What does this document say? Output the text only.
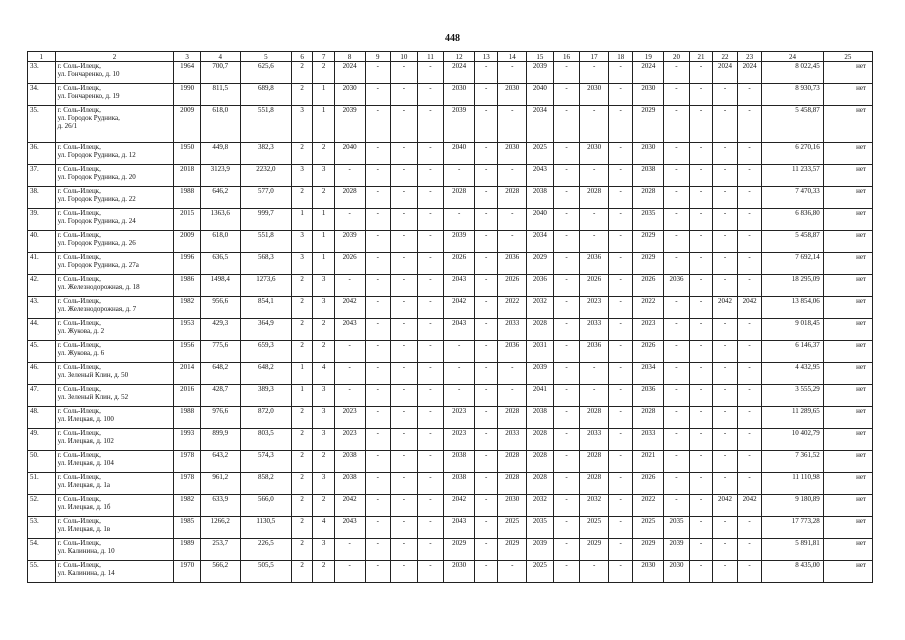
448
1	2	3	4	5	6	7	8	9	10	11	12	13	14	15	16	17	18	19	20	21	22	23	24	25
33.	г. Соль-Илецк,
ул. Гончаренко, д. 10	1964	700,7	625,6	2	2	2024	-	-	-	2024	-	-	2039	-	-	-	2024	-	-	2024	2024	8 022,45	нет
34.	г. Соль-Илецк,
ул. Гончаренко, д. 19	1990	811,5	689,8	2	1	2030	-	-	-	2030	-	2030	2040	-	2030	-	2030	-	-	-	-	8 930,73	нет
35.	г. Соль-Илецк,
ул. Городок Рудника,
д. 26/1	2009	618,0	551,8	3	1	2039	-	-	-	2039	-	-	2034	-	-	-	2029	-	-	-	-	5 458,87	нет
36.	г. Соль-Илецк,
ул. Городок Рудника, д. 12	1950	449,8	382,3	2	2	2040	-	-	-	2040	-	2030	2025	-	2030	-	2030	-	-	-	-	6 270,16	нет
37.	г. Соль-Илецк,
ул. Городок Рудника, д. 20	2018	3123,9	2232,0	3	3	-	-	-	-	-	-	-	2043	-	-	-	2038	-	-	-	-	11 233,57	нет
38.	г. Соль-Илецк,
ул. Городок Рудника, д. 22	1988	646,2	577,0	2	2	2028	-	-	-	2028	-	2028	2038	-	2028	-	2028	-	-	-	-	7 470,33	нет
39.	г. Соль-Илецк,
ул. Городок Рудника, д. 24	2015	1363,6	999,7	1	1	-	-	-	-	-	-	-	2040	-	-	-	2035	-	-	-	-	6 836,80	нет
40.	г. Соль-Илецк,
ул. Городок Рудника, д. 26	2009	618,0	551,8	3	1	2039	-	-	-	2039	-	-	2034	-	-	-	2029	-	-	-	-	5 458,87	нет
41.	г. Соль-Илецк,
ул. Городок Рудника, д. 27а	1996	636,5	568,3	3	1	2026	-	-	-	2026	-	2036	2029	-	2036	-	2029	-	-	-	-	7 692,14	нет
42.	г. Соль-Илецк,
ул. Железнодорожная, д. 18	1986	1498,4	1273,6	2	3	-	-	-	-	2043	-	2026	2036	-	2026	-	2026	2036	-	-	-	18 295,09	нет
43.	г. Соль-Илецк,
ул. Железнодорожная, д. 7	1982	956,6	854,1	2	3	2042	-	-	-	2042	-	2022	2032	-	2023	-	2022	-	-	2042	2042	13 854,06	нет
44.	г. Соль-Илецк,
ул. Жукова, д. 2	1953	429,3	364,9	2	2	2043	-	-	-	2043	-	2033	2028	-	2033	-	2023	-	-	-	-	9 018,45	нет
45.	г. Соль-Илецк,
ул. Жукова, д. 6	1956	775,6	659,3	2	2	-	-	-	-	-	-	2036	2031	-	2036	-	2026	-	-	-	-	6 146,37	нет
46.	г. Соль-Илецк,
ул. Зеленый Клин, д. 50	2014	648,2	648,2	1	4	-	-	-	-	-	-	-	2039	-	-	-	2034	-	-	-	-	4 432,95	нет
47.	г. Соль-Илецк,
ул. Зеленый Клин, д. 52	2016	428,7	389,3	1	3	-	-	-	-	-	-	-	2041	-	-	-	2036	-	-	-	-	3 555,29	нет
48.	г. Соль-Илецк,
ул. Илецкая, д. 100	1988	976,6	872,0	2	3	2023	-	-	-	2023	-	2028	2038	-	2028	-	2028	-	-	-	-	11 289,65	нет
49.	г. Соль-Илецк,
ул. Илецкая, д. 102	1993	899,9	803,5	2	3	2023	-	-	-	2023	-	2033	2028	-	2033	-	2033	-	-	-	-	10 402,79	нет
50.	г. Соль-Илецк,
ул. Илецкая, д. 104	1978	643,2	574,3	2	2	2038	-	-	-	2038	-	2028	2028	-	2028	-	2021	-	-	-	-	7 361,52	нет
51.	г. Соль-Илецк,
ул. Илецкая, д. 1а	1978	961,2	858,2	2	3	2038	-	-	-	2038	-	2028	2028	-	2028	-	2026	-	-	-	-	11 110,98	нет
52.	г. Соль-Илецк,
ул. Илецкая, д. 1б	1982	633,9	566,0	2	2	2042	-	-	-	2042	-	2030	2032	-	2032	-	2022	-	-	2042	2042	9 180,89	нет
53.	г. Соль-Илецк,
ул. Илецкая, д. 1в	1985	1266,2	1130,5	2	4	2043	-	-	-	2043	-	2025	2035	-	2025	-	2025	2035	-	-	-	17 773,28	нет
54.	г. Соль-Илецк,
ул. Калинина, д. 10	1989	253,7	226,5	2	3	-	-	-	-	2029	-	2029	2039	-	2029	-	2029	2039	-	-	-	5 891,81	нет
55.	г. Соль-Илецк,
ул. Калинина, д. 14	1970	566,2	505,5	2	2	-	-	-	-	2030	-	-	2025	-	-	-	2030	2030	-	-	-	8 435,00	нет
